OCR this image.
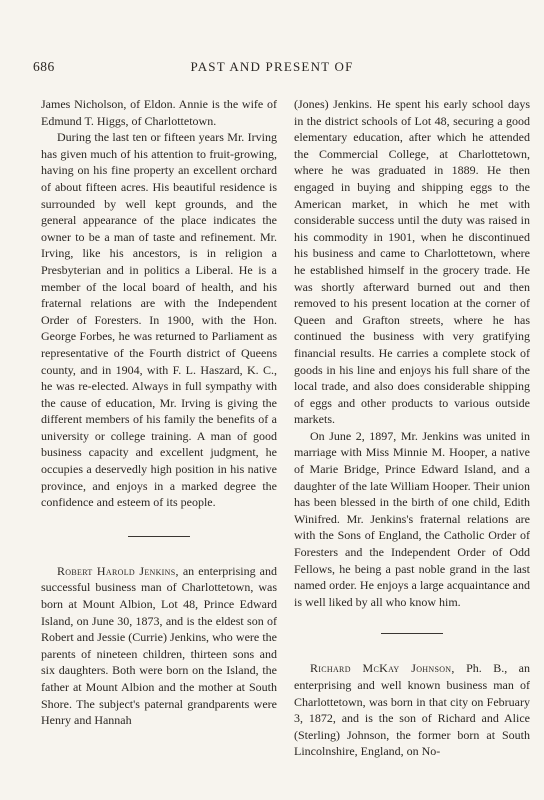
686	PAST AND PRESENT OF

James Nicholson, of Eldon. Annie is the wife of Edmund T. Higgs, of Charlottetown.

During the last ten or fifteen years Mr. Irving has given much of his attention to fruit-growing, having on his fine property an excellent orchard of about fifteen acres. His beautiful residence is surrounded by well kept grounds, and the general appearance of the place indicates the owner to be a man of taste and refinement. Mr. Irving, like his ancestors, is in religion a Presbyterian and in politics a Liberal. He is a member of the local board of health, and his fraternal relations are with the Independent Order of Foresters. In 1900, with the Hon. George Forbes, he was returned to Parliament as representative of the Fourth district of Queens county, and in 1904, with F. L. Haszard, K. C., he was re-elected. Always in full sympathy with the cause of education, Mr. Irving is giving the different members of his family the benefits of a university or college training. A man of good business capacity and excellent judgment, he occupies a deservedly high position in his native province, and enjoys in a marked degree the confidence and esteem of its people.

Robert Harold Jenkins, an enterprising and successful business man of Charlottetown, was born at Mount Albion, Lot 48, Prince Edward Island, on June 30, 1873, and is the eldest son of Robert and Jessie (Currie) Jenkins, who were the parents of nineteen children, thirteen sons and six daughters. Both were born on the Island, the father at Mount Albion and the mother at South Shore. The subject's paternal grandparents were Henry and Hannah

(Jones) Jenkins. He spent his early school days in the district schools of Lot 48, securing a good elementary education, after which he attended the Commercial College, at Charlottetown, where he was graduated in 1889. He then engaged in buying and shipping eggs to the American market, in which he met with considerable success until the duty was raised in his commodity in 1901, when he discontinued his business and came to Charlottetown, where he established himself in the grocery trade. He was shortly afterward burned out and then removed to his present location at the corner of Queen and Grafton streets, where he has continued the business with very gratifying financial results. He carries a complete stock of goods in his line and enjoys his full share of the local trade, and also does considerable shipping of eggs and other products to various outside markets.

On June 2, 1897, Mr. Jenkins was united in marriage with Miss Minnie M. Hooper, a native of Marie Bridge, Prince Edward Island, and a daughter of the late William Hooper. Their union has been blessed in the birth of one child, Edith Winifred. Mr. Jenkins's fraternal relations are with the Sons of England, the Catholic Order of Foresters and the Independent Order of Odd Fellows, he being a past noble grand in the last named order. He enjoys a large acquaintance and is well liked by all who know him.

Richard McKay Johnson, Ph. B., an enterprising and well known business man of Charlottetown, was born in that city on February 3, 1872, and is the son of Richard and Alice (Sterling) Johnson, the former born at South Lincolnshire, England, on No-
